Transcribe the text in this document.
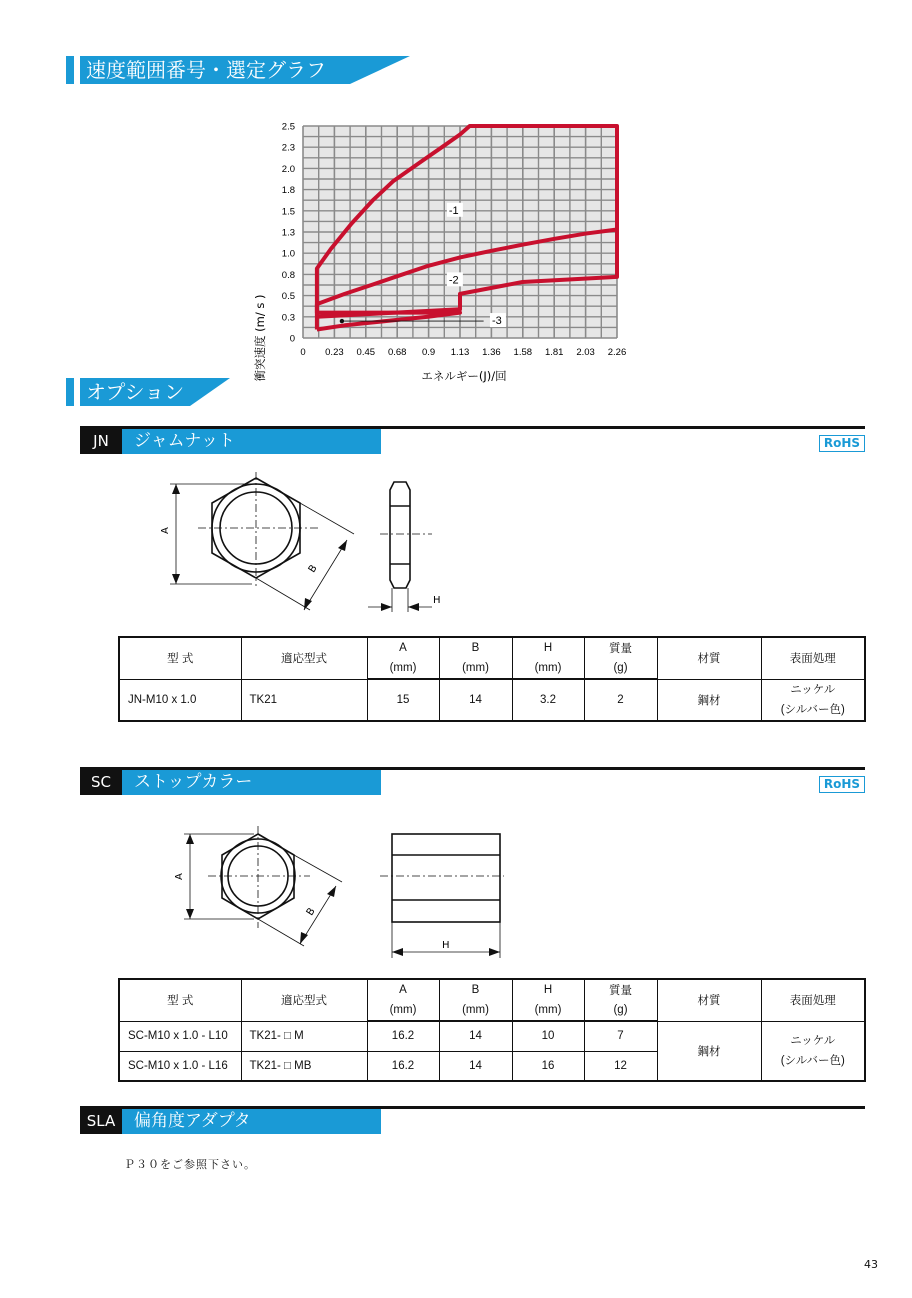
速度範囲番号・選定グラフ
0 0.23 0.45 0.68 0.9 1.13 1.36 1.58 1.81 2.03 2.26
0
0.3
0.5
0.8
1.0
1.3
1.5
1.8
2.0
2.3
2.5
-1
-2
-3
エネルギー(J)/回
衝突速度 (m/ s )
オプション
JN	ジャムナット	RoHS
A
B
H
型 式	適応型式	A	B	H	質量	材質	表面処理
		(mm)	(mm)	(mm)	(g)		
JN-M10 x 1.0	TK21	15	14	3.2	2	鋼材	ニッケル
(シルバー色)
SC	ストップカラー	RoHS
A
B
H
型 式	適応型式	A	B	H	質量	材質	表面処理
		(mm)	(mm)	(mm)	(g)		
SC-M10 x 1.0 - L10	TK21- □ M	16.2	14	10	7	鋼材	ニッケル
(シルバー色)

SC-M10 x 1.0 - L16	TK21- □ MB	16.2	14	16	12		
SLA	偏角度アダプタ
Ｐ３０をご参照下さい。
43
